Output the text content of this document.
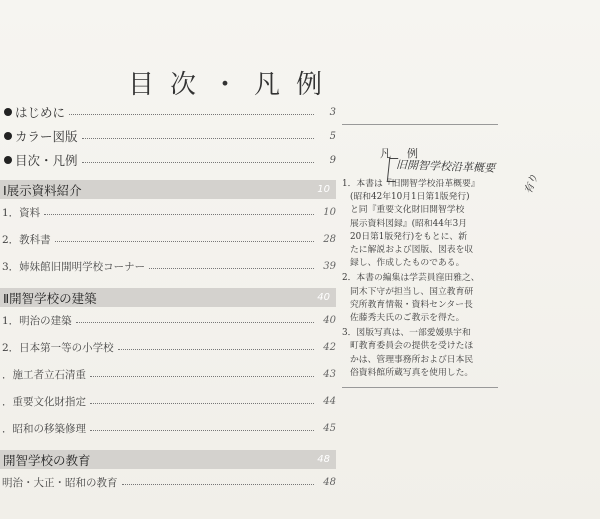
目次・凡例
はじめに	3
カラー図版	5
目次・凡例	9
Ⅰ展示資料紹介	10
1．資料	10
2．教科書	28
3．姉妹館旧開明学校コーナー	39
Ⅱ開智学校の建築	40
1．明治の建築	40
2．日本第一等の小学校	42
．施工者立石清重	43
．重要文化財指定	44
．昭和の移築修理	45
開智学校の教育	48
明治・大正・昭和の教育	48
凡例
旧開智学校沿革概要
有り
1．本書は『旧開智学校沿革概要』
(昭和42年10月1日第1版発行)
と同『重要文化財旧開智学校
展示資料図録』(昭和44年3月
20日第1版発行)をもとに、新
たに解説および図版、図表を収
録し、作成したものである。
2．本書の編集は学芸員窪田雅之、
同木下守が担当し、国立教育研
究所教育情報・資料センター長
佐藤秀夫氏のご教示を得た。
3．図版写真は、一部愛媛県宇和
町教育委員会の提供を受けたほ
かは、管理事務所および日本民
俗資料館所蔵写真を使用した。
